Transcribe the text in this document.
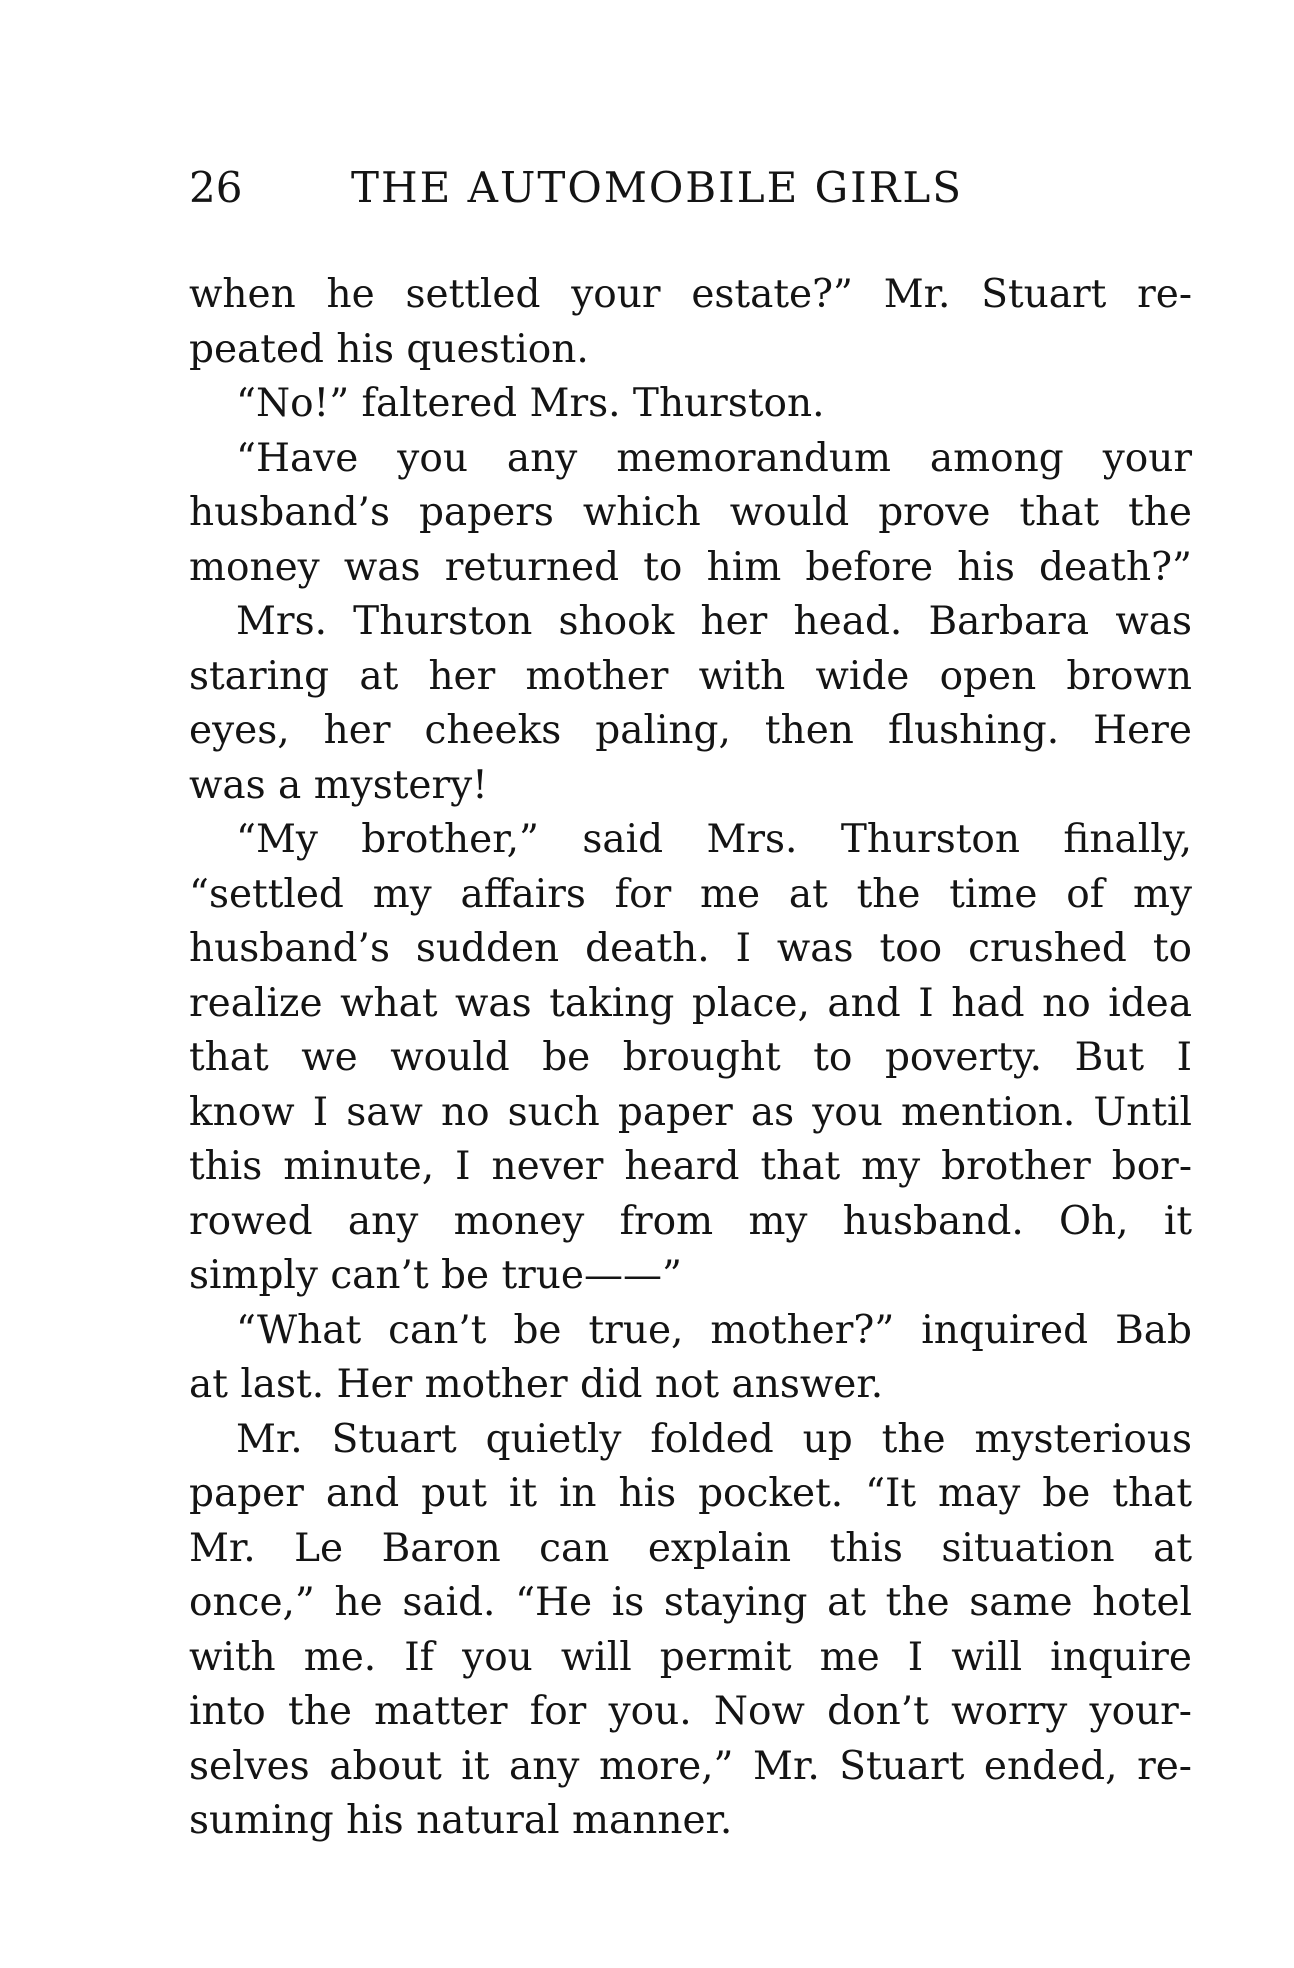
26	THE AUTOMOBILE GIRLS
when he settled your estate?” Mr. Stuart re-
peated his question.
“No!” faltered Mrs. Thurston.
“Have you any memorandum among your
husband’s papers which would prove that the
money was returned to him before his death?”
Mrs. Thurston shook her head. Barbara was
staring at her mother with wide open brown
eyes, her cheeks paling, then flushing. Here
was a mystery!
“My brother,” said Mrs. Thurston finally,
“settled my affairs for me at the time of my
husband’s sudden death. I was too crushed to
realize what was taking place, and I had no idea
that we would be brought to poverty. But I
know I saw no such paper as you mention. Until
this minute, I never heard that my brother bor-
rowed any money from my husband. Oh, it
simply can’t be true——”
“What can’t be true, mother?” inquired Bab
at last. Her mother did not answer.
Mr. Stuart quietly folded up the mysterious
paper and put it in his pocket. “It may be that
Mr. Le Baron can explain this situation at
once,” he said. “He is staying at the same hotel
with me. If you will permit me I will inquire
into the matter for you. Now don’t worry your-
selves about it any more,” Mr. Stuart ended, re-
suming his natural manner.
